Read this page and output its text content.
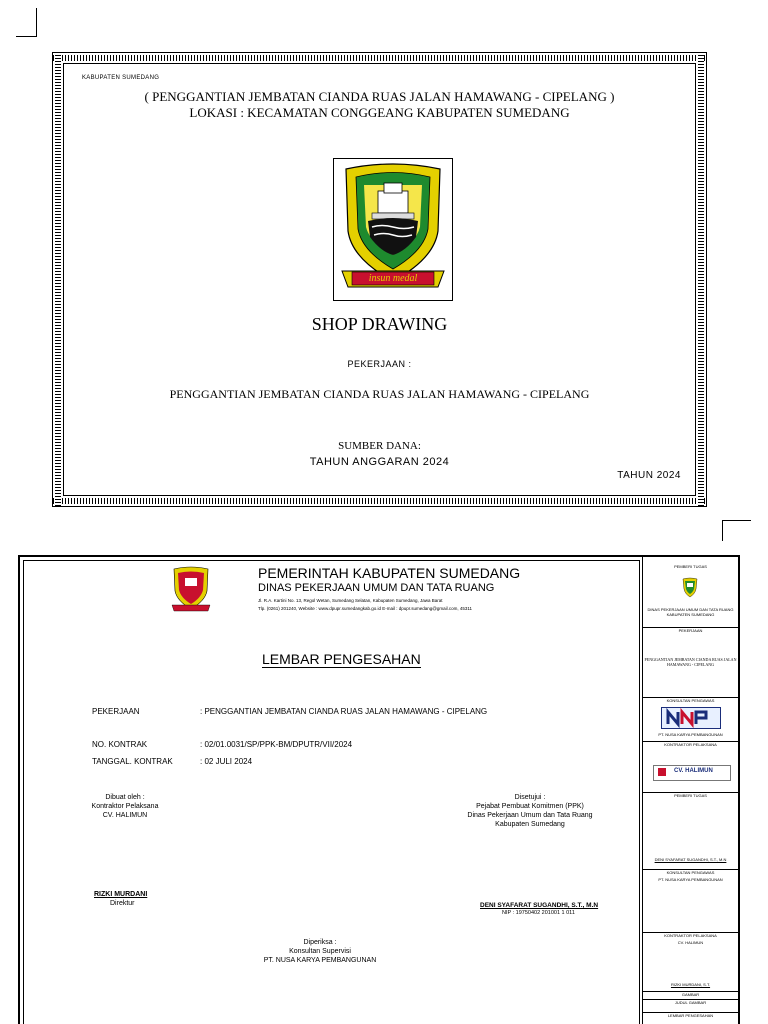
KABUPATEN SUMEDANG
( PENGGANTIAN JEMBATAN CIANDA RUAS JALAN HAMAWANG - CIPELANG )
LOKASI : KECAMATAN CONGGEANG KABUPATEN SUMEDANG
insun medal
SHOP DRAWING
PEKERJAAN :
PENGGANTIAN JEMBATAN CIANDA RUAS JALAN HAMAWANG - CIPELANG
SUMBER DANA:
TAHUN ANGGARAN 2024
TAHUN 2024
PEMERINTAH KABUPATEN SUMEDANG
DINAS PEKERJAAN UMUM DAN TATA RUANG
Jl. R.A. Kartini No. 13, Regol Wetan, Sumedang Selatan, Kabupaten Sumedang, Jawa Barat
Tlp. (0261) 201240, Website : www.dpupr.sumedangkab.go.id E-mail : dpupr.sumedang@gmail.com, 45311
LEMBAR PENGESAHAN
PEKERJAAN	: PENGGANTIAN JEMBATAN CIANDA RUAS JALAN HAMAWANG - CIPELANG
NO. KONTRAK	: 02/01.0031/SP/PPK-BM/DPUTR/VII/2024
TANGGAL. KONTRAK	: 02 JULI 2024
Dibuat oleh :
Kontraktor Pelaksana
CV. HALIMUN
RIZKI MURDANI
Direktur
Disetujui :
Pejabat Pembuat Komitmen (PPK)
Dinas Pekerjaan Umum dan Tata Ruang
Kabupaten Sumedang
DENI SYAFARAT SUGANDHI, S.T., M.N
NIP : 19750402 201001 1 011
Diperiksa :
Konsultan Supervisi
PT. NUSA KARYA PEMBANGUNAN
PEMBERI TUGAS
DINAS PEKERJAAN UMUM DAN TATA RUANG KABUPATEN SUMEDANG
PEKERJAAN
PENGGANTIAN JEMBATAN CIANDA RUAS JALAN HAMAWANG - CIPELANG
KONSULTAN PENGAWAS
PT. NUSA KARYA PEMBANGUNAN
KONTRAKTOR PELAKSANA
CV. HALIMUN
PEMBERI TUGAS
DENI SYAFARAT SUGANDHI, S.T., M.N
KONSULTAN PENGAWAS
PT. NUSA KARYA PEMBANGUNAN
KONTRAKTOR PELAKSANA
CV. HALIMUN
RIZKI MURDANI, S.T.
GAMBAR
JUDUL GAMBAR
LEMBAR PENGESAHAN
